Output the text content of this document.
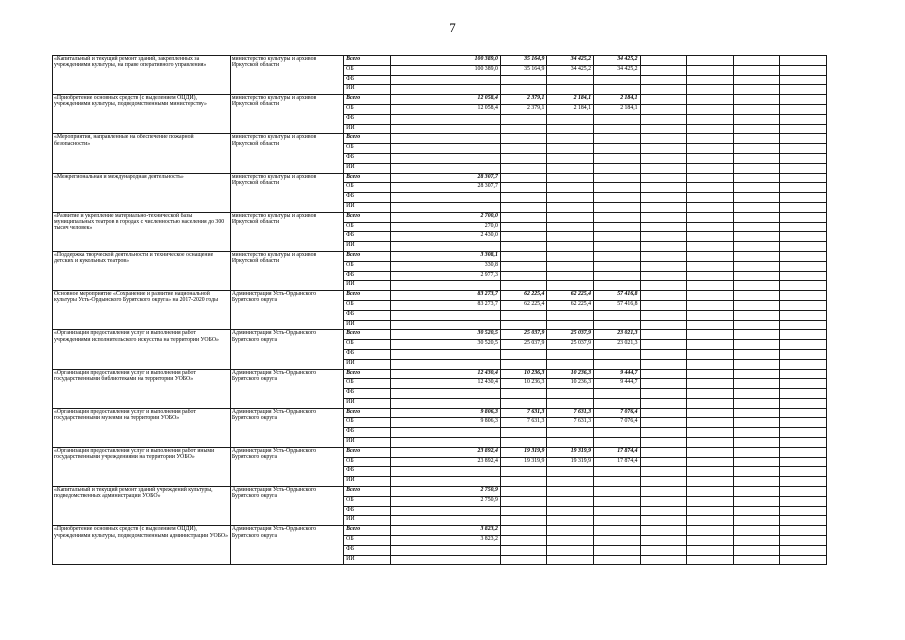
7
«Капитальный и текущий ремонт зданий, закрепленных за учреждениями культуры, на праве оперативного управления»	министерство культуры и архивов Иркутской области	Всего	100 389,0	35 164,9	34 425,2	34 425,2				
		ОБ	100 389,0	35 164,9	34 425,2	34 425,2				
		ФБ								
		ИИ								
«Приобретение основных средств (с выделением ОЦДИ), учреждениями культуры, подведомственными министерству»	министерство культуры и архивов Иркутской области	Всего	12 058,4	2 379,1	2 184,1	2 184,1				
		ОБ	12 058,4	2 379,1	2 184,1	2 184,1				
		ФБ								
		ИИ								
«Мероприятия, направленные на обеспечение пожарной безопасности»	министерство культуры и архивов Иркутской области	Всего								
		ОБ								
		ФБ								
		ИИ								
«Межрегиональная и международная деятельность»	министерство культуры и архивов Иркутской области	Всего	28 307,7							
		ОБ	28 307,7							
		ФБ								
		ИИ								
«Развитие и укрепление материально-технической базы муниципальных театров в городах с численностью населения до 300 тысяч человек»	министерство культуры и архивов Иркутской области	Всего	2 700,0							
		ОБ	270,0							
		ФБ	2 430,0							
		ИИ								
«Поддержка творческой деятельности и техническое оснащение детских и кукольных театров»	министерство культуры и архивов Иркутской области	Всего	3 308,1							
		ОБ	330,8							
		ФБ	2 977,3							
		ИИ								
Основное мероприятие «Сохранение и развитие национальной культуры Усть-Ордынского Бурятского округа» на 2017-2020 годы	Администрация Усть-Ордынского Бурятского округа	Всего	83 273,7	62 225,4	62 225,4	57 416,8				
		ОБ	83 273,7	62 225,4	62 225,4	57 416,8				
		ФБ								
		ИИ								
«Организация предоставления услуг и выполнения работ учреждениями исполнительского искусства на территории УОБО»	Администрация Усть-Ордынского Бурятского округа	Всего	30 520,5	25 037,9	25 037,9	23 021,3				
		ОБ	30 520,5	25 037,9	25 037,9	23 021,3				
		ФБ								
		ИИ								
«Организация предоставления услуг и выполнения работ государственными библиотеками на территории УОБО»	Администрация Усть-Ордынского Бурятского округа	Всего	12 430,4	10 236,3	10 236,3	9 444,7				
		ОБ	12 430,4	10 236,3	10 236,3	9 444,7				
		ФБ								
		ИИ								
«Организация предоставления услуг и выполнения работ государственными музеями на территории УОБО»	Администрация Усть-Ордынского Бурятского округа	Всего	9 806,3	7 631,3	7 631,3	7 076,4				
		ОБ	9 806,3	7 631,3	7 631,3	7 076,4				
		ФБ								
		ИИ								
«Организация предоставления услуг и выполнения работ иными государственными учреждениями на территории УОБО»	Администрация Усть-Ордынского Бурятского округа	Всего	23 892,4	19 319,9	19 319,9	17 874,4				
		ОБ	23 892,4	19 319,9	19 319,9	17 874,4				
		ФБ								
		ИИ								
«Капитальный и текущий ремонт зданий учреждений культуры, подведомственных администрации УОБО»	Администрация Усть-Ордынского Бурятского округа	Всего	2 750,9							
		ОБ	2 750,9							
		ФБ								
		ИИ								
«Приобретение основных средств (с выделением ОЦДИ), учреждениями культуры, подведомственными администрации УОБО»	Администрация Усть-Ордынского Бурятского округа	Всего	3 823,2							
		ОБ	3 823,2							
		ФБ								
		ИИ								
